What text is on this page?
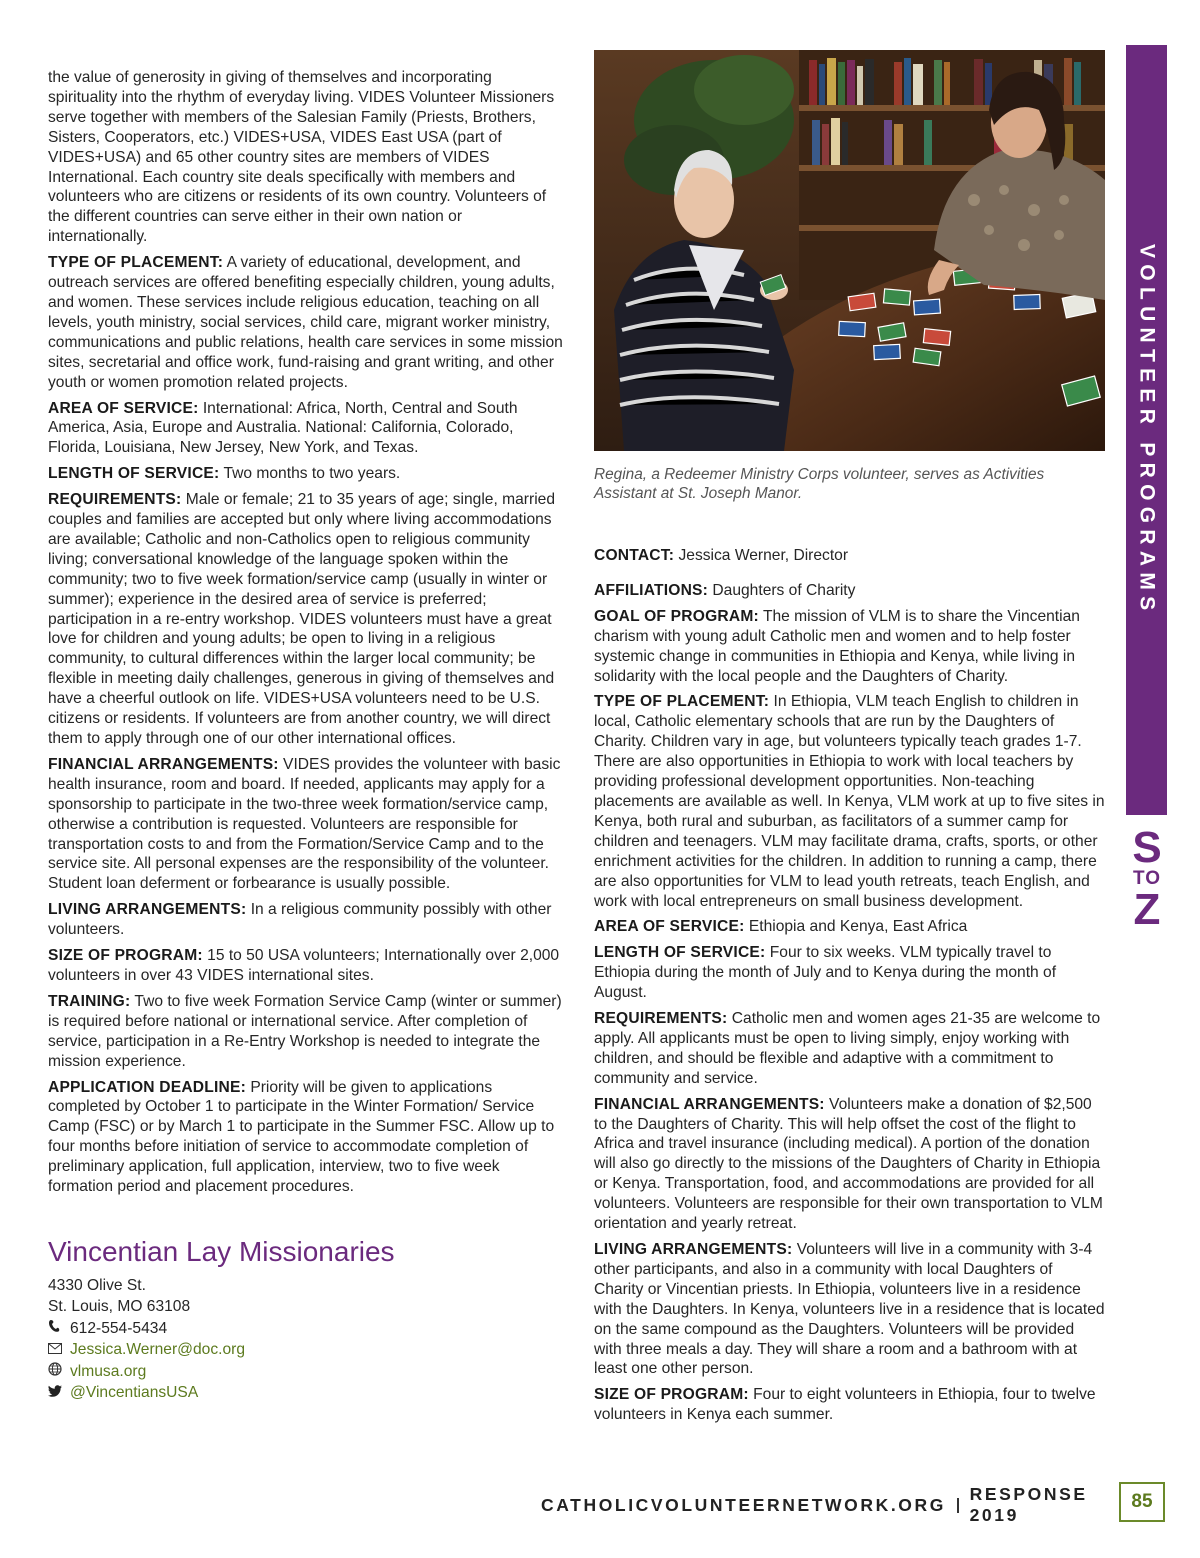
the value of generosity in giving of themselves and incorporating spirituality into the rhythm of everyday living. VIDES Volunteer Missioners serve together with members of the Salesian Family (Priests, Brothers, Sisters, Cooperators, etc.) VIDES+USA, VIDES East USA (part of VIDES+USA) and 65 other country sites are members of VIDES International. Each country site deals specifically with members and volunteers who are citizens or residents of its own country. Volunteers of the different countries can serve either in their own nation or internationally.

TYPE OF PLACEMENT: A variety of educational, development, and outreach services are offered benefiting especially children, young adults, and women. These services include religious education, teaching on all levels, youth ministry, social services, child care, migrant worker ministry, communications and public relations, health care services in some mission sites, secretarial and office work, fund-raising and grant writing, and other youth or women promotion related projects.

AREA OF SERVICE: International: Africa, North, Central and South America, Asia, Europe and Australia. National: California, Colorado, Florida, Louisiana, New Jersey, New York, and Texas.

LENGTH OF SERVICE: Two months to two years.

REQUIREMENTS: Male or female; 21 to 35 years of age; single, married couples and families are accepted but only where living accommodations are available; Catholic and non-Catholics open to religious community living; conversational knowledge of the language spoken within the community; two to five week formation/service camp (usually in winter or summer); experience in the desired area of service is preferred; participation in a re-entry workshop. VIDES volunteers must have a great love for children and young adults; be open to living in a religious community, to cultural differences within the larger local community; be flexible in meeting daily challenges, generous in giving of themselves and have a cheerful outlook on life. VIDES+USA volunteers need to be U.S. citizens or residents. If volunteers are from another country, we will direct them to apply through one of our other international offices.

FINANCIAL ARRANGEMENTS: VIDES provides the volunteer with basic health insurance, room and board. If needed, applicants may apply for a sponsorship to participate in the two-three week formation/service camp, otherwise a contribution is requested. Volunteers are responsible for transportation costs to and from the Formation/Service Camp and to the service site. All personal expenses are the responsibility of the volunteer. Student loan deferment or forbearance is usually possible.

LIVING ARRANGEMENTS: In a religious community possibly with other volunteers.

SIZE OF PROGRAM: 15 to 50 USA volunteers; Internationally over 2,000 volunteers in over 43 VIDES international sites.

TRAINING: Two to five week Formation Service Camp (winter or summer) is required before national or international service. After completion of service, participation in a Re-Entry Workshop is needed to integrate the mission experience.

APPLICATION DEADLINE: Priority will be given to applications completed by October 1 to participate in the Winter Formation/ Service Camp (FSC) or by March 1 to participate in the Summer FSC. Allow up to four months before initiation of service to accommodate completion of preliminary application, full application, interview, two to five week formation period and placement procedures.

Vincentian Lay Missionaries
4330 Olive St.
St. Louis, MO 63108
612-554-5434
Jessica.Werner@doc.org
vlmusa.org
@VincentiansUSA
Regina, a Redeemer Ministry Corps volunteer, serves as Activities Assistant at St. Joseph Manor.

CONTACT: Jessica Werner, Director

AFFILIATIONS: Daughters of Charity

GOAL OF PROGRAM: The mission of VLM is to share the Vincentian charism with young adult Catholic men and women and to help foster systemic change in communities in Ethiopia and Kenya, while living in solidarity with the local people and the Daughters of Charity.

TYPE OF PLACEMENT: In Ethiopia, VLM teach English to children in local, Catholic elementary schools that are run by the Daughters of Charity. Children vary in age, but volunteers typically teach grades 1-7. There are also opportunities in Ethiopia to work with local teachers by providing professional development opportunities. Non-teaching placements are available as well. In Kenya, VLM work at up to five sites in Kenya, both rural and suburban, as facilitators of a summer camp for children and teenagers. VLM may facilitate drama, crafts, sports, or other enrichment activities for the children. In addition to running a camp, there are also opportunities for VLM to lead youth retreats, teach English, and work with local entrepreneurs on small business development.

AREA OF SERVICE: Ethiopia and Kenya, East Africa

LENGTH OF SERVICE: Four to six weeks. VLM typically travel to Ethiopia during the month of July and to Kenya during the month of August.

REQUIREMENTS: Catholic men and women ages 21-35 are welcome to apply. All applicants must be open to living simply, enjoy working with children, and should be flexible and adaptive with a commitment to community and service.

FINANCIAL ARRANGEMENTS: Volunteers make a donation of $2,500 to the Daughters of Charity. This will help offset the cost of the flight to Africa and travel insurance (including medical). A portion of the donation will also go directly to the missions of the Daughters of Charity in Ethiopia or Kenya. Transportation, food, and accommodations are provided for all volunteers. Volunteers are responsible for their own transportation to VLM orientation and yearly retreat.

LIVING ARRANGEMENTS: Volunteers will live in a community with 3-4 other participants, and also in a community with local Daughters of Charity or Vincentian priests. In Ethiopia, volunteers live in a residence with the Daughters. In Kenya, volunteers live in a residence that is located on the same compound as the Daughters. Volunteers will be provided with three meals a day. They will share a room and a bathroom with at least one other person.

SIZE OF PROGRAM: Four to eight volunteers in Ethiopia, four to twelve volunteers in Kenya each summer.

VOLUNTEER PROGRAMS
S
TO
Z
CATHOLICVOLUNTEERNETWORK.ORG
RESPONSE 2019
85
